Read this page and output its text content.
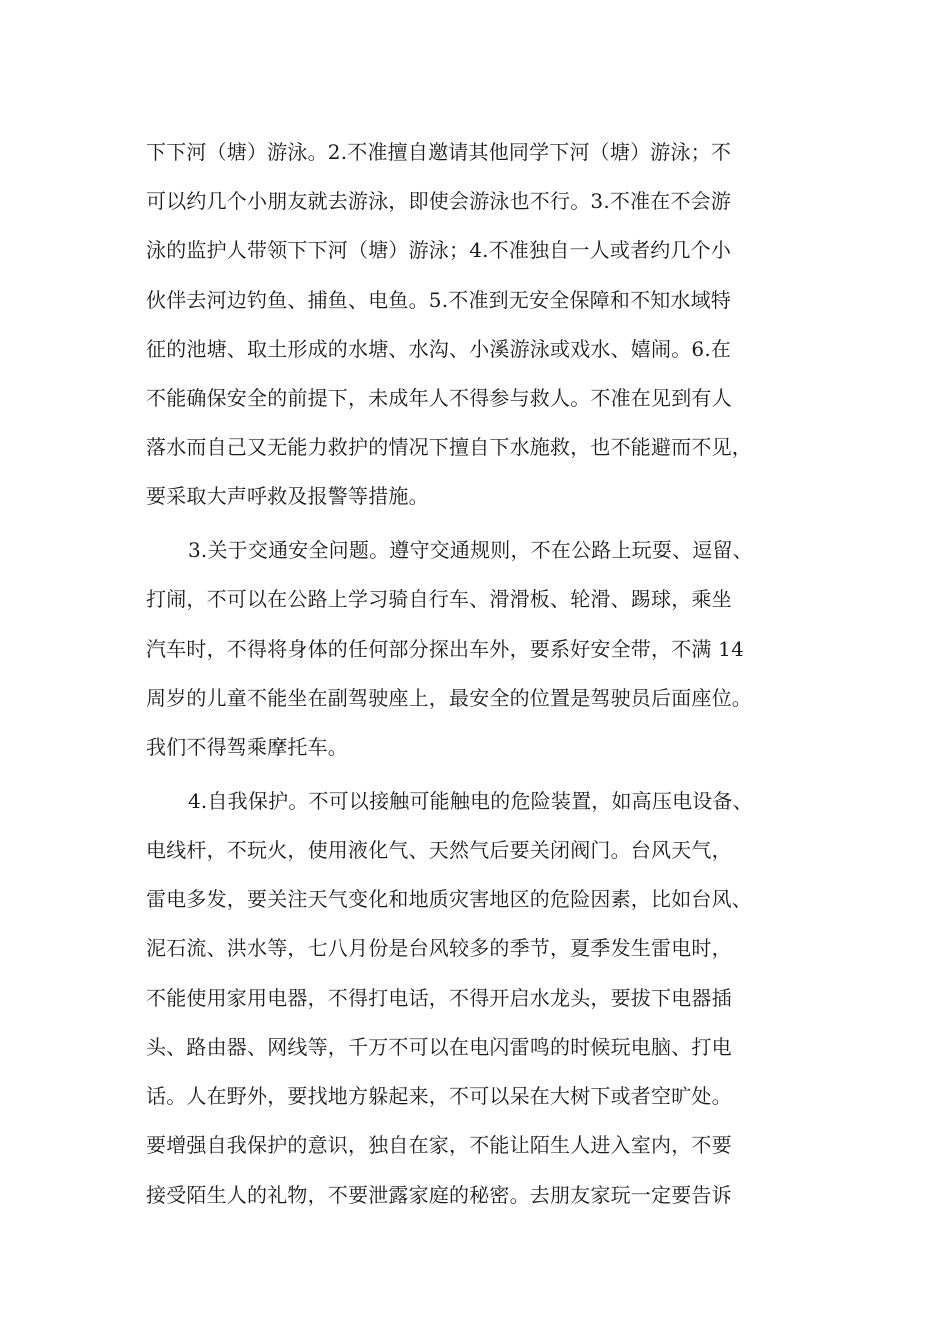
下下河（塘）游泳。2.不准擅自邀请其他同学下河（塘）游泳；不
可以约几个小朋友就去游泳，即使会游泳也不行。3.不准在不会游
泳的监护人带领下下河（塘）游泳；4.不准独自一人或者约几个小
伙伴去河边钓鱼、捕鱼、电鱼。5.不准到无安全保障和不知水域特
征的池塘、取土形成的水塘、水沟、小溪游泳或戏水、嬉闹。6.在
不能确保安全的前提下，未成年人不得参与救人。不准在见到有人
落水而自己又无能力救护的情况下擅自下水施救，也不能避而不见，
要采取大声呼救及报警等措施。
3.关于交通安全问题。遵守交通规则，不在公路上玩耍、逗留、
打闹，不可以在公路上学习骑自行车、滑滑板、轮滑、踢球，乘坐
汽车时，不得将身体的任何部分探出车外，要系好安全带，不满 14
周岁的儿童不能坐在副驾驶座上，最安全的位置是驾驶员后面座位。
我们不得驾乘摩托车。
4.自我保护。不可以接触可能触电的危险装置，如高压电设备、
电线杆，不玩火，使用液化气、天然气后要关闭阀门。台风天气，
雷电多发，要关注天气变化和地质灾害地区的危险因素，比如台风、
泥石流、洪水等，七八月份是台风较多的季节，夏季发生雷电时，
不能使用家用电器，不得打电话，不得开启水龙头，要拔下电器插
头、路由器、网线等，千万不可以在电闪雷鸣的时候玩电脑、打电
话。人在野外，要找地方躲起来，不可以呆在大树下或者空旷处。
要增强自我保护的意识，独自在家，不能让陌生人进入室内，不要
接受陌生人的礼物，不要泄露家庭的秘密。去朋友家玩一定要告诉
